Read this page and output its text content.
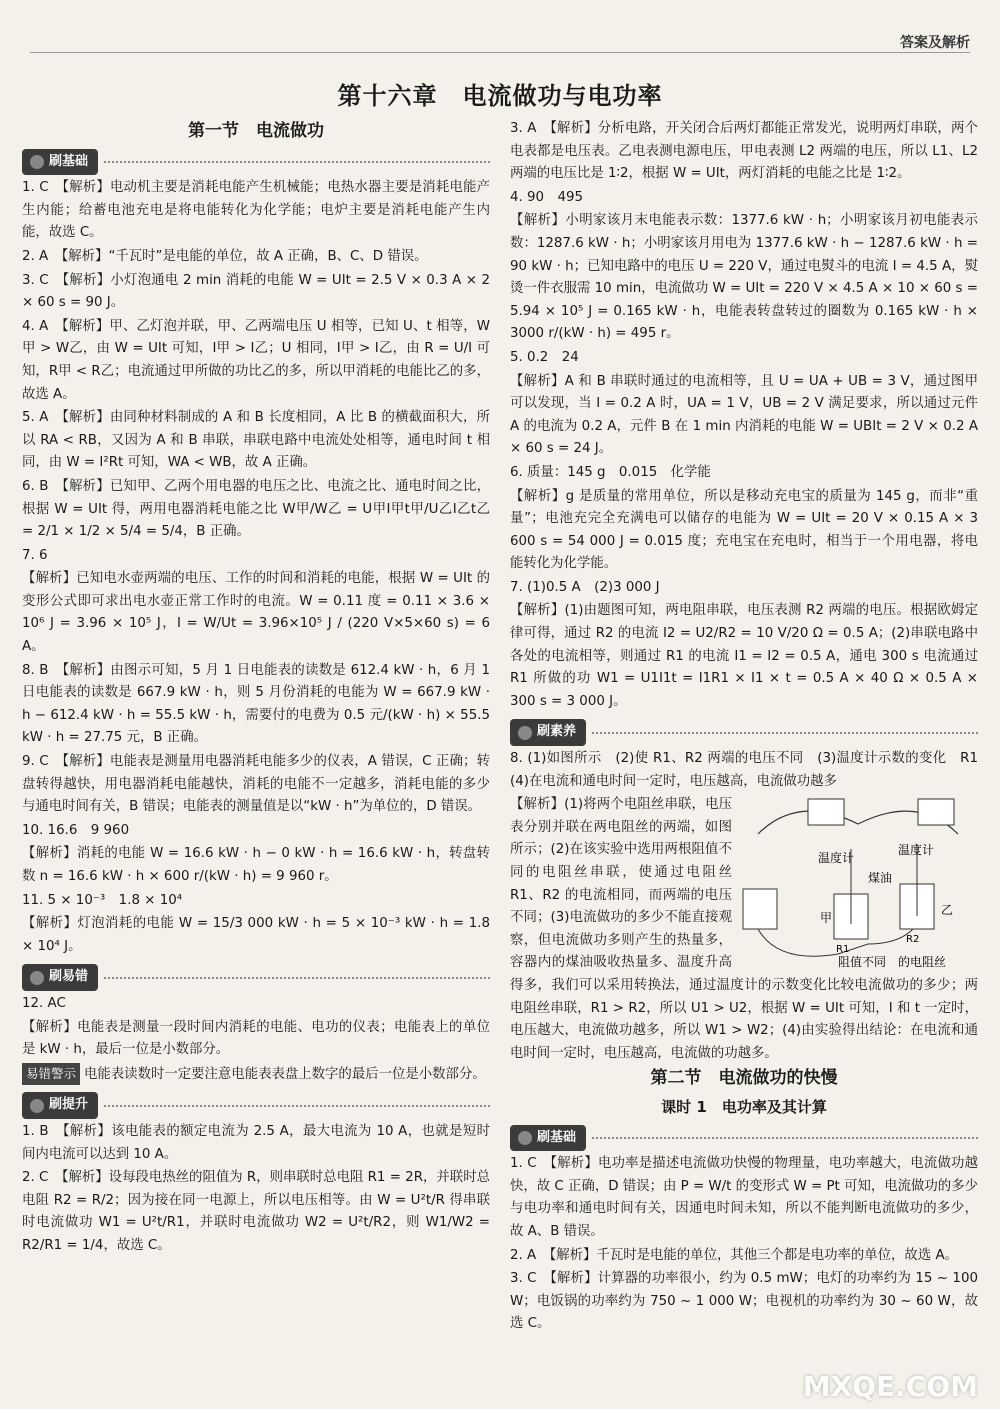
答案及解析
第十六章　电流做功与电功率
第一节　电流做功
刷基础

1. C　【解析】电动机主要是消耗电能产生机械能；电热水器主要是消耗电能产生内能；给蓄电池充电是将电能转化为化学能；电炉主要是消耗电能产生内能，故选 C。

2. A　【解析】“千瓦时”是电能的单位，故 A 正确，B、C、D 错误。

3. C　【解析】小灯泡通电 2 min 消耗的电能 W = UIt = 2.5 V × 0.3 A × 2 × 60 s = 90 J。

4. A　【解析】甲、乙灯泡并联，甲、乙两端电压 U 相等，已知 U、t 相等，W甲 > W乙，由 W = UIt 可知，I甲 > I乙；U 相同，I甲 > I乙，由 R = U/I 可知，R甲 < R乙；电流通过甲所做的功比乙的多，所以甲消耗的电能比乙的多，故选 A。

5. A　【解析】由同种材料制成的 A 和 B 长度相同，A 比 B 的横截面积大，所以 RA < RB，又因为 A 和 B 串联，串联电路中电流处处相等，通电时间 t 相同，由 W = I²Rt 可知，WA < WB，故 A 正确。

6. B　【解析】已知甲、乙两个用电器的电压之比、电流之比、通电时间之比，根据 W = UIt 得，两用电器消耗电能之比 W甲/W乙 = U甲I甲t甲/U乙I乙t乙 = 2/1 × 1/2 × 5/4 = 5/4，B 正确。

7. 6

【解析】已知电水壶两端的电压、工作的时间和消耗的电能，根据 W = UIt 的变形公式即可求出电水壶正常工作时的电流。W = 0.11 度 = 0.11 × 3.6 × 10⁶ J = 3.96 × 10⁵ J，I = W/Ut = 3.96×10⁵ J / (220 V×5×60 s) = 6 A。

8. B　【解析】由图示可知，5 月 1 日电能表的读数是 612.4 kW · h，6 月 1 日电能表的读数是 667.9 kW · h，则 5 月份消耗的电能为 W = 667.9 kW · h − 612.4 kW · h = 55.5 kW · h，需要付的电费为 0.5 元/(kW · h) × 55.5 kW · h = 27.75 元，B 正确。

9. C　【解析】电能表是测量用电器消耗电能多少的仪表，A 错误，C 正确；转盘转得越快，用电器消耗电能越快，消耗的电能不一定越多，消耗电能的多少与通电时间有关，B 错误；电能表的测量值是以“kW · h”为单位的，D 错误。

10. 16.6　9 960

【解析】消耗的电能 W = 16.6 kW · h − 0 kW · h = 16.6 kW · h，转盘转数 n = 16.6 kW · h × 600 r/(kW · h) = 9 960 r。

11. 5 × 10⁻³　1.8 × 10⁴

【解析】灯泡消耗的电能 W = 15/3 000 kW · h = 5 × 10⁻³ kW · h = 1.8 × 10⁴ J。

刷易错

12. AC

【解析】电能表是测量一段时间内消耗的电能、电功的仪表；电能表上的单位是 kW · h，最后一位是小数部分。

易错警示 电能表读数时一定要注意电能表表盘上数字的最后一位是小数部分。

刷提升

1. B　【解析】该电能表的额定电流为 2.5 A，最大电流为 10 A，也就是短时间内电流可以达到 10 A。

2. C　【解析】设每段电热丝的阻值为 R，则串联时总电阻 R1 = 2R，并联时总电阻 R2 = R/2；因为接在同一电源上，所以电压相等。由 W = U²t/R 得串联时电流做功 W1 = U²t/R1，并联时电流做功 W2 = U²t/R2，则 W1/W2 = R2/R1 = 1/4，故选 C。

3. A　【解析】分析电路，开关闭合后两灯都能正常发光，说明两灯串联，两个电表都是电压表。乙电表测电源电压，甲电表测 L2 两端的电压，所以 L1、L2 两端的电压比是 1∶2，根据 W = UIt，两灯消耗的电能之比是 1∶2。

4. 90　495

【解析】小明家该月末电能表示数：1377.6 kW · h；小明家该月初电能表示数：1287.6 kW · h；小明家该月用电为 1377.6 kW · h − 1287.6 kW · h = 90 kW · h；已知电路中的电压 U = 220 V，通过电熨斗的电流 I = 4.5 A，熨烫一件衣服需 10 min，电流做功 W = UIt = 220 V × 4.5 A × 10 × 60 s = 5.94 × 10⁵ J = 0.165 kW · h，电能表转盘转过的圈数为 0.165 kW · h × 3000 r/(kW · h) = 495 r。

5. 0.2　24

【解析】A 和 B 串联时通过的电流相等，且 U = UA + UB = 3 V，通过图甲可以发现，当 I = 0.2 A 时，UA = 1 V，UB = 2 V 满足要求，所以通过元件 A 的电流为 0.2 A，元件 B 在 1 min 内消耗的电能 W = UBIt = 2 V × 0.2 A × 60 s = 24 J。

6. 质量：145 g　0.015　化学能

【解析】g 是质量的常用单位，所以是移动充电宝的质量为 145 g，而非“重量”；电池充完全充满电可以储存的电能为 W = UIt = 20 V × 0.15 A × 3 600 s = 54 000 J = 0.015 度；充电宝在充电时，相当于一个用电器，将电能转化为化学能。

7. (1)0.5 A　(2)3 000 J

【解析】(1)由题图可知，两电阻串联，电压表测 R2 两端的电压。根据欧姆定律可得，通过 R2 的电流 I2 = U2/R2 = 10 V/20 Ω = 0.5 A；(2)串联电路中各处的电流相等，则通过 R1 的电流 I1 = I2 = 0.5 A，通电 300 s 电流通过 R1 所做的功 W1 = U1I1t = I1R1 × I1 × t = 0.5 A × 40 Ω × 0.5 A × 300 s = 3 000 J。

刷素养

8. (1)如图所示　(2)使 R1、R2 两端的电压不同　(3)温度计示数的变化　R1　(4)在电流和通电时间一定时，电压越高，电流做功越多

温度计
温度计
煤油
甲
乙
R1
R2
阻值不同 的电阻丝

【解析】(1)将两个电阻丝串联，电压表分别并联在两电阻丝的两端，如图所示；(2)在该实验中选用两根阻值不同的电阻丝串联，使通过电阻丝 R1、R2 的电流相同，而两端的电压不同；(3)电流做功的多少不能直接观察，但电流做功多则产生的热量多，容器内的煤油吸收热量多、温度升高得多，我们可以采用转换法，通过温度计的示数变化比较电流做功的多少；两电阻丝串联，R1 > R2，所以 U1 > U2，根据 W = UIt 可知，I 和 t 一定时，电压越大，电流做功越多，所以 W1 > W2；(4)由实验得出结论：在电流和通电时间一定时，电压越高，电流做的功越多。

第二节　电流做功的快慢
课时 1　电功率及其计算
刷基础

1. C　【解析】电功率是描述电流做功快慢的物理量，电功率越大，电流做功越快，故 C 正确，D 错误；由 P = W/t 的变形式 W = Pt 可知，电流做功的多少与电功率和通电时间有关，因通电时间未知，所以不能判断电流做功的多少，故 A、B 错误。

2. A　【解析】千瓦时是电能的单位，其他三个都是电功率的单位，故选 A。

3. C　【解析】计算器的功率很小，约为 0.5 mW；电灯的功率约为 15 ~ 100 W；电饭锅的功率约为 750 ~ 1 000 W；电视机的功率约为 30 ~ 60 W，故选 C。

MXQE.COM
